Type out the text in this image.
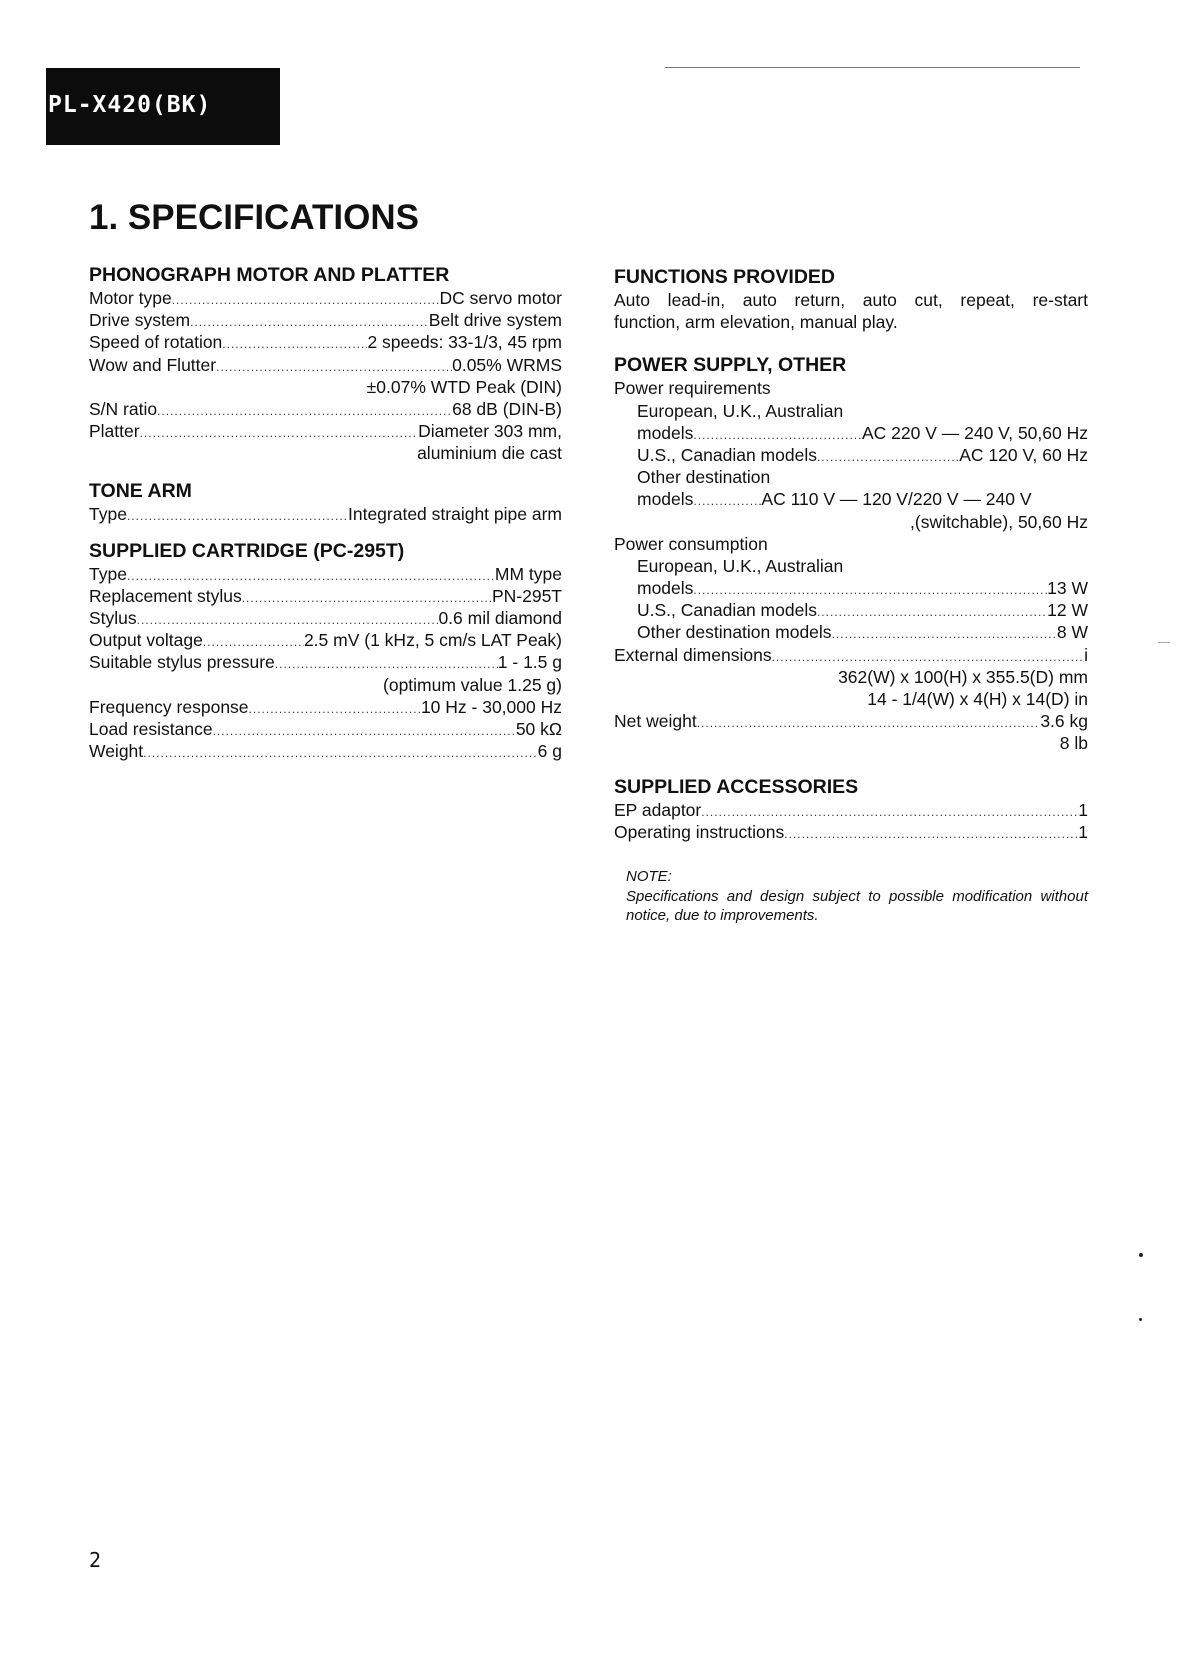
PL-X420(BK)
1. SPECIFICATIONS
PHONOGRAPH MOTOR AND PLATTER
Motor type .....	DC servo motor
Drive system .....	Belt drive system
Speed of rotation .....	2 speeds: 33-1/3, 45 rpm
Wow and Flutter .....	0.05% WRMS
±0.07% WTD Peak (DIN)
S/N ratio .....	68 dB (DIN-B)
Platter .....	Diameter 303 mm,
aluminium die cast
TONE ARM
Type .....	Integrated straight pipe arm
SUPPLIED CARTRIDGE (PC-295T)
Type .....	MM type
Replacement stylus .....	PN-295T
Stylus .....	0.6 mil diamond
Output voltage .....	2.5 mV (1 kHz, 5 cm/s LAT Peak)
Suitable stylus pressure .....	1 - 1.5 g
(optimum value 1.25 g)
Frequency response .....	10 Hz - 30,000 Hz
Load resistance .....	50 kΩ
Weight .....	6 g
FUNCTIONS PROVIDED
Auto lead-in, auto return, auto cut, repeat, re-start
function, arm elevation, manual play.
POWER SUPPLY, OTHER
Power requirements
European, U.K., Australian
models .....	AC 220 V — 240 V, 50,60 Hz
U.S., Canadian models .....	AC 120 V, 60 Hz
Other destination
models .....	AC 110 V — 120 V/220 V — 240 V
,(switchable), 50,60 Hz
Power consumption
European, U.K., Australian
models .....	13 W
U.S., Canadian models .....	12 W
Other destination models .....	8 W
External dimensions .....	i
362(W) x 100(H) x 355.5(D) mm
14 - 1/4(W) x 4(H) x 14(D) in
Net weight .....	3.6 kg
8 lb
SUPPLIED ACCESSORIES
EP adaptor .....	1
Operating instructions .....	1
NOTE:
Specifications and design subject to possible modification without notice, due to improvements.
2
